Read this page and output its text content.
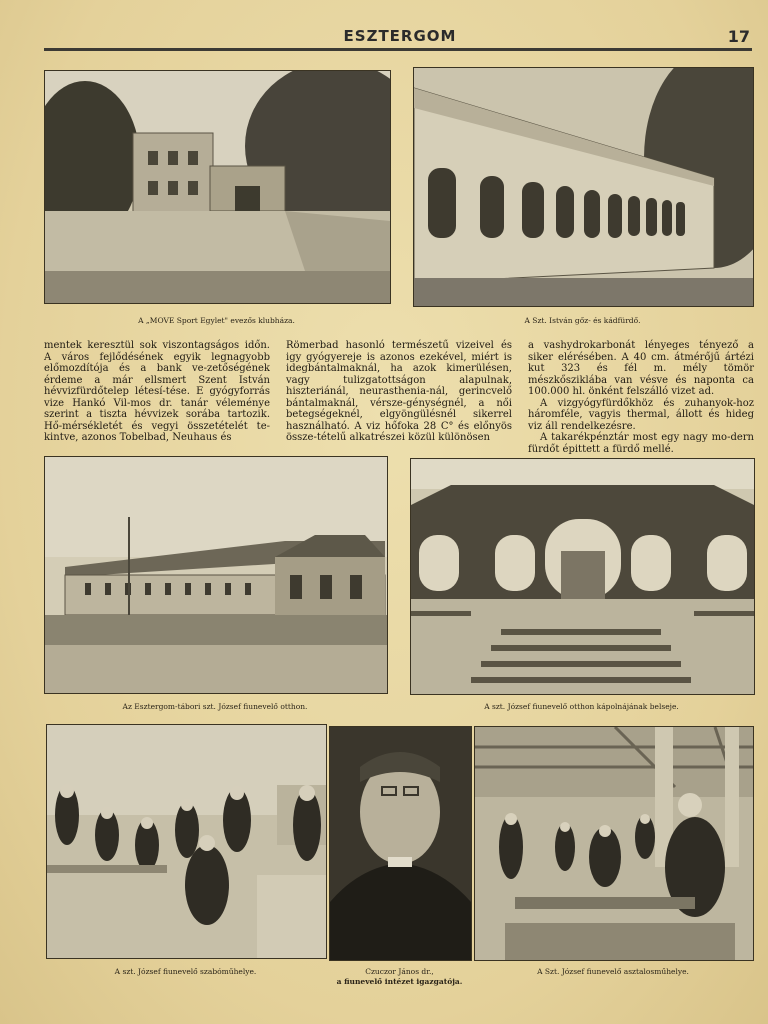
ESZTERGOM	17
A „MOVE Sport Egylet" evezős klubháza.	A Szt. István gőz- és kádfürdő.

mentek keresztül sok viszontagságos időn. A város fejlődésének egyik legnagyobb előmozdítója és a bank ve-zetőségének érdeme a már ellsmert Szent István hévvizfürdőtelep létesí-tése. E gyógyforrás vize Hankó Vil-mos dr. tanár véleménye szerint a tiszta hévvizek sorába tartozik. Hő-mérsékletét és vegyi összetételét te-kintve, azonos Tobelbad, Neuhaus és

Römerbad hasonló természetű vizeivel és igy gyógyereje is azonos ezekével, miért is idegbántalmaknál, ha azok kimerülésen, vagy tulizgatottságon alapulnak, hiszteriánál, neurasthenia-nál, gerincvelő bántalmaknál, vérsze-génységnél, a női betegségeknél, elgyöngülésnél sikerrel használható. A viz hőfoka 28 C° és előnyös össze-tételű alkatrészei közül különösen

a vashydrokarbonát lényeges tényező a siker elérésében. A 40 cm. átmérőjű ártézi kut 323 és fél m. mély tömör mészkősziklába van vésve és naponta ca 100.000 hl. önként felszálló vizet ad.

A vizgyógyfürdőkhöz és zuhanyok-hoz háromféle, vagyis thermal, állott és hideg viz áll rendelkezésre.

A takarékpénztár most egy nagy mo-dern fürdőt épittett a fürdő mellé.

Az Esztergom-tábori szt. József fiunevelő otthon.	A szt. József fiunevelő otthon kápolnájának belseje.
A szt. József fiunevelő szabóműhelye.	Czuczor János dr.,
a fiunevelő intézet igazgatója.
A Szt. József fiunevelő asztalosműhelye.
